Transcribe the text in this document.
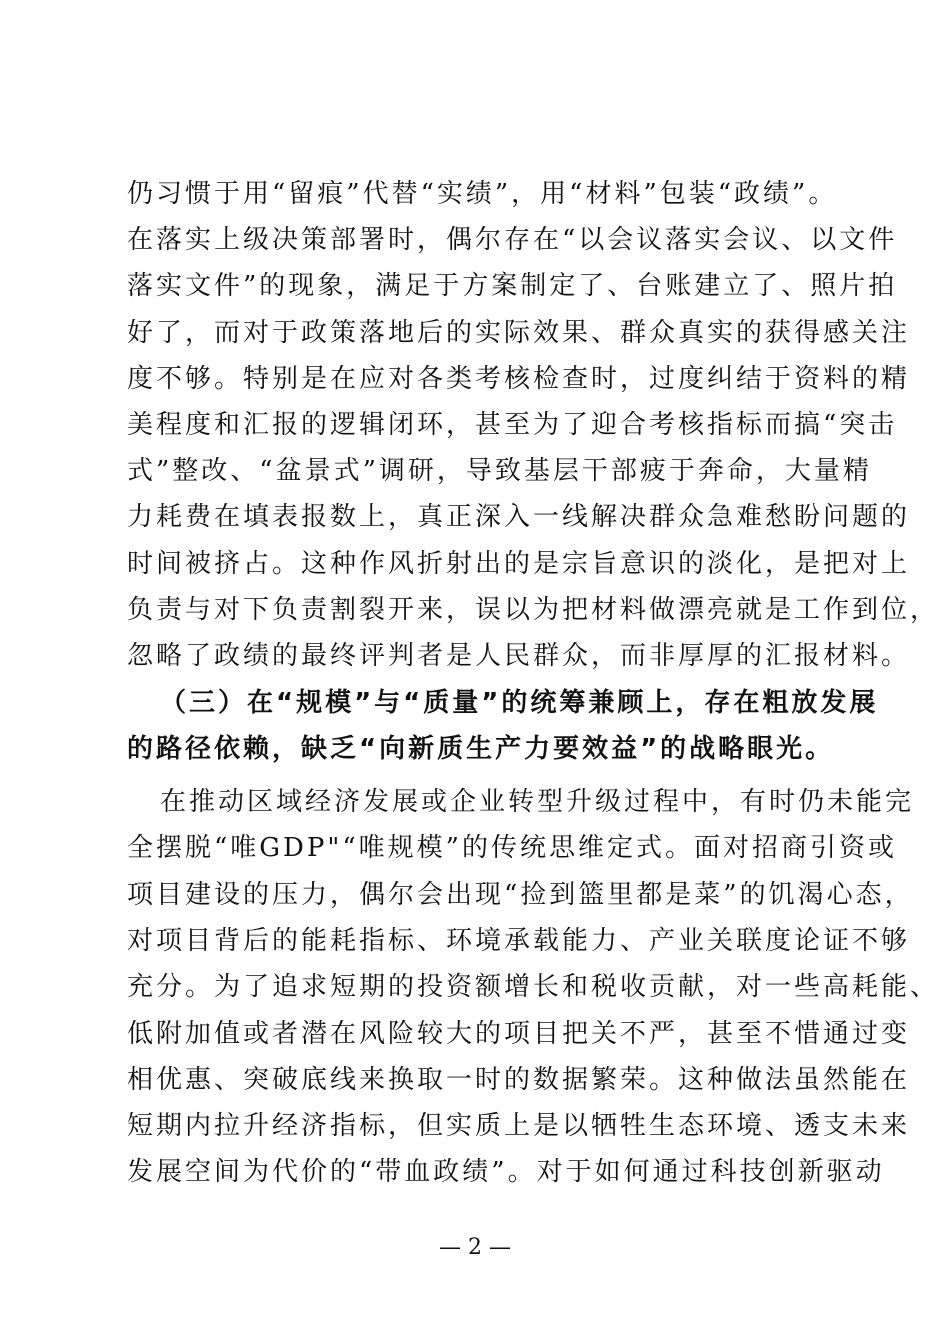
仍习惯于用“留痕”代替“实绩”，用“材料”包装“政绩”。
在落实上级决策部署时，偶尔存在“以会议落实会议、以文件
落实文件”的现象，满足于方案制定了、台账建立了、照片拍
好了，而对于政策落地后的实际效果、群众真实的获得感关注
度不够。特别是在应对各类考核检查时，过度纠结于资料的精
美程度和汇报的逻辑闭环，甚至为了迎合考核指标而搞“突击
式”整改、“盆景式”调研，导致基层干部疲于奔命，大量精
力耗费在填表报数上，真正深入一线解决群众急难愁盼问题的
时间被挤占。这种作风折射出的是宗旨意识的淡化，是把对上
负责与对下负责割裂开来，误以为把材料做漂亮就是工作到位，
忽略了政绩的最终评判者是人民群众，而非厚厚的汇报材料。
（三）在“规模”与“质量”的统筹兼顾上，存在粗放发展
的路径依赖，缺乏“向新质生产力要效益”的战略眼光。
在推动区域经济发展或企业转型升级过程中，有时仍未能完
全摆脱“唯GDP"“唯规模”的传统思维定式。面对招商引资或
项目建设的压力，偶尔会出现“捡到篮里都是菜”的饥渴心态，
对项目背后的能耗指标、环境承载能力、产业关联度论证不够
充分。为了追求短期的投资额增长和税收贡献，对一些高耗能、
低附加值或者潜在风险较大的项目把关不严，甚至不惜通过变
相优惠、突破底线来换取一时的数据繁荣。这种做法虽然能在
短期内拉升经济指标，但实质上是以牺牲生态环境、透支未来
发展空间为代价的“带血政绩”。对于如何通过科技创新驱动
— 2 —
